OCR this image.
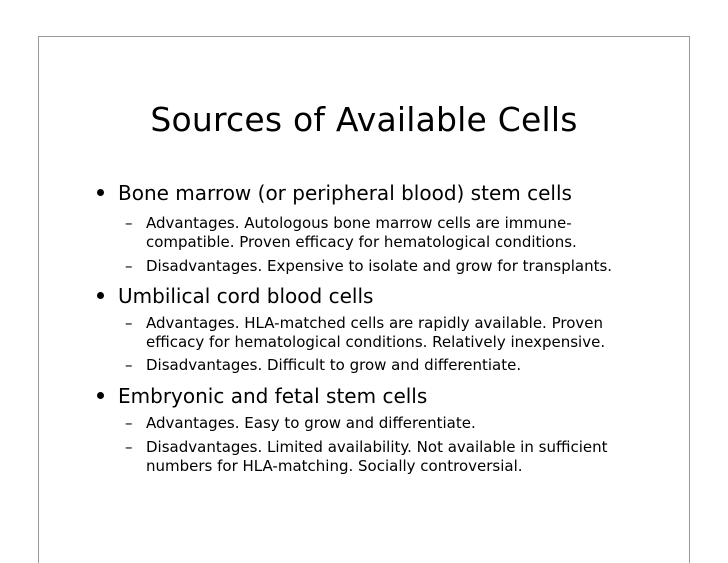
Sources of Available Cells
Bone marrow (or peripheral blood) stem cells
– Advantages. Autologous bone marrow cells are immune-
compatible. Proven efficacy for hematological conditions.
– Disadvantages. Expensive to isolate and grow for transplants.
Umbilical cord blood cells
– Advantages. HLA-matched cells are rapidly available. Proven
efficacy for hematological conditions. Relatively inexpensive.
– Disadvantages. Difficult to grow and differentiate.
Embryonic and fetal stem cells
– Advantages. Easy to grow and differentiate.
– Disadvantages. Limited availability. Not available in sufficient
numbers for HLA-matching. Socially controversial.
